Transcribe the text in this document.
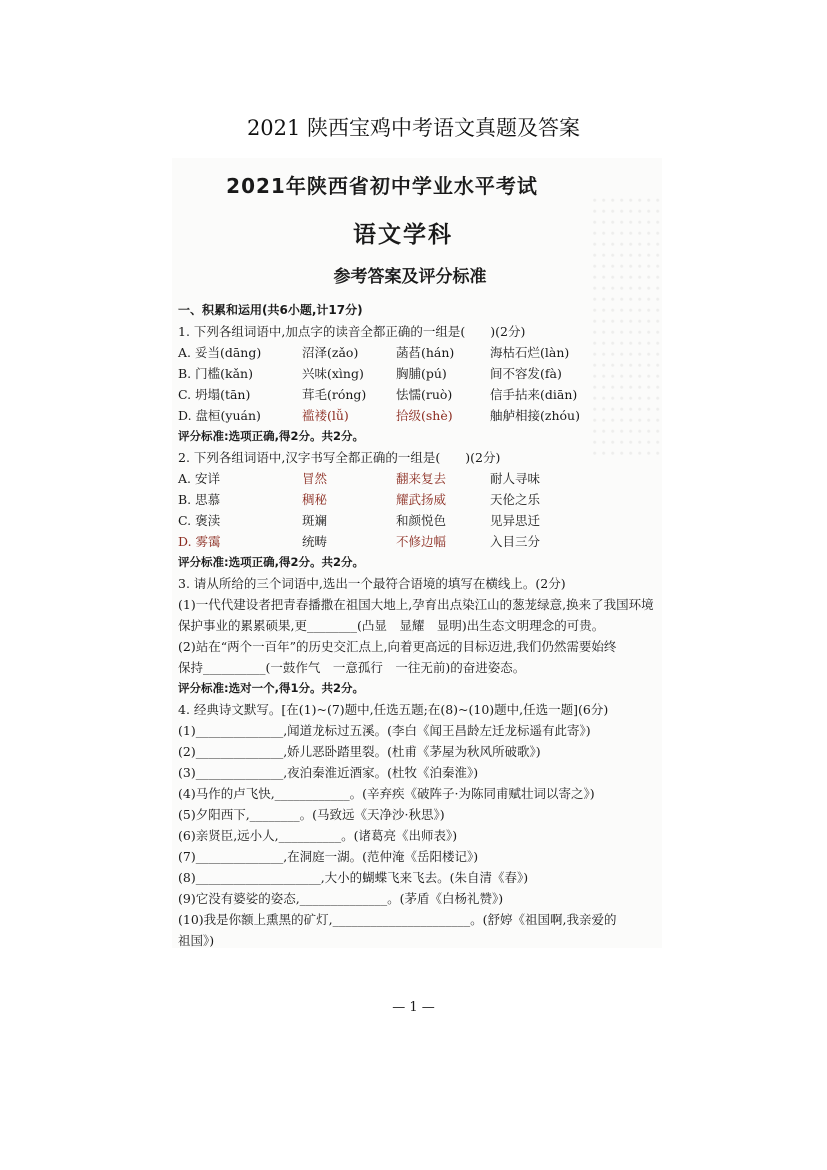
2021 陕西宝鸡中考语文真题及答案
2021年陕西省初中学业水平考试
语文学科
参考答案及评分标准
一、积累和运用(共6小题,计17分)
1. 下列各组词语中,加点字的读音全都正确的一组是(　　)(2分)
A. 妥当(dāng)	沼泽(zǎo)	菡萏(hán)	海枯石烂(làn)
B. 门槛(kǎn)	兴味(xìng)	胸脯(pú)	间不容发(fà)
C. 坍塌(tān)	茸毛(róng) 怯懦(ruò)	信手拈来(diān)
D. 盘桓(yuán)	褴褛(lǚ)	拾级(shè)	舳舻相接(zhóu)
评分标准:选项正确,得2分。共2分。
2. 下列各组词语中,汉字书写全都正确的一组是(　　)(2分)
A. 安详	冒然	翻来复去	耐人寻味
B. 思慕	稠秘	耀武扬威	天伦之乐
C. 褒渎	斑斓	和颜悦色	见异思迁
D. 雾霭	统畴	不修边幅	入目三分
评分标准:选项正确,得2分。共2分。
3. 请从所给的三个词语中,选出一个最符合语境的填写在横线上。(2分)
(1)一代代建设者把青春播撒在祖国大地上,孕育出点染江山的葱茏绿意,换来了我国环境
保护事业的累累硕果,更________(凸显　显耀　显明)出生态文明理念的可贵。
(2)站在“两个一百年”的历史交汇点上,向着更高远的目标迈进,我们仍然需要始终
保持__________(一鼓作气　一意孤行　一往无前)的奋进姿态。
评分标准:选对一个,得1分。共2分。
4. 经典诗文默写。[在(1)~(7)题中,任选五题;在(8)~(10)题中,任选一题](6分)
(1)______________,闻道龙标过五溪。(李白《闻王昌龄左迁龙标遥有此寄》)
(2)______________,娇儿恶卧踏里裂。(杜甫《茅屋为秋风所破歌》)
(3)______________,夜泊秦淮近酒家。(杜牧《泊秦淮》)
(4)马作的卢飞快,____________。(辛弃疾《破阵子·为陈同甫赋壮词以寄之》)
(5)夕阳西下,________。(马致远《天净沙·秋思》)
(6)亲贤臣,远小人,__________。(诸葛亮《出师表》)
(7)______________,在洞庭一湖。(范仲淹《岳阳楼记》)
(8)____________________,大小的蝴蝶飞来飞去。(朱自清《春》)
(9)它没有婆娑的姿态,______________。(茅盾《白杨礼赞》)
(10)我是你额上熏黑的矿灯,______________________。(舒婷《祖国啊,我亲爱的
祖国》)
— 1 —
